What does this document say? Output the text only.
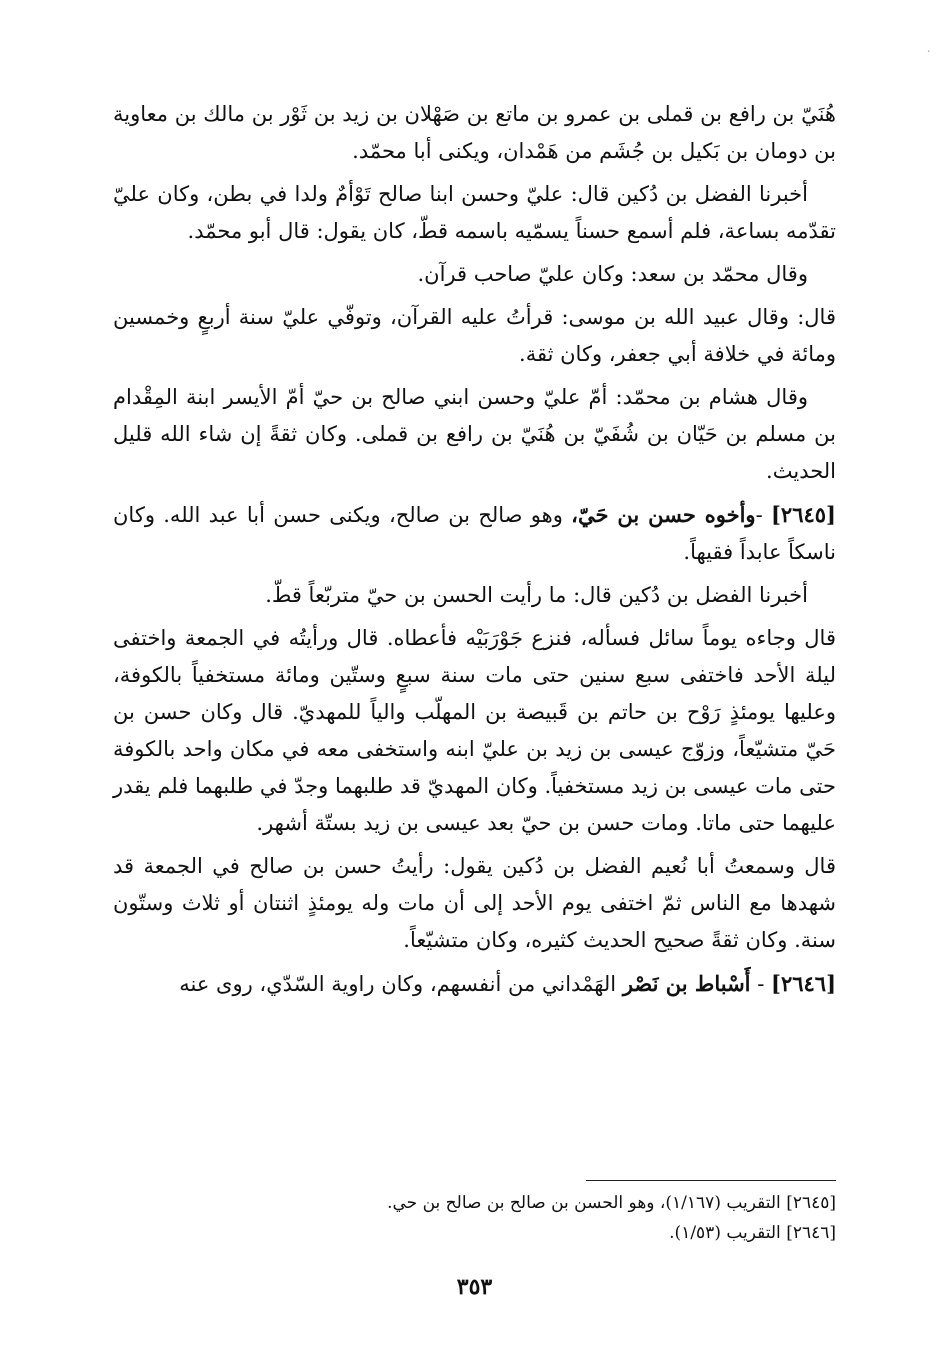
·

هُنَيّ بن رافع بن قملى بن عمرو بن ماتع بن صَهْلان بن زيد بن ثَوْر بن مالك بن معاوية بن دومان بن بَكيل بن جُشَم من هَمْدان، ويكنى أبا محمّد.

أخبرنا الفضل بن دُكين قال: عليّ وحسن ابنا صالح تَوْأمٌ ولدا في بطن، وكان عليّ تقدّمه بساعة، فلم أسمع حسناً يسمّيه باسمه قطّ، كان يقول: قال أبو محمّد.

وقال محمّد بن سعد: وكان عليّ صاحب قرآن.

قال: وقال عبيد الله بن موسى: قرأتُ عليه القرآن، وتوفّي عليّ سنة أربعٍ وخمسين ومائة في خلافة أبي جعفر، وكان ثقة.

وقال هشام بن محمّد: أمّ عليّ وحسن ابني صالح بن حيّ أمّ الأيسر ابنة المِقْدام بن مسلم بن حَيّان بن شُفَيّ بن هُنَيّ بن رافع بن قملى. وكان ثقةً إن شاء الله قليل الحديث.

[٢٦٤٥] -وأخوه حسن بن حَيّ، وهو صالح بن صالح، ويكنى حسن أبا عبد الله. وكان ناسكاً عابداً فقيهاً.

أخبرنا الفضل بن دُكين قال: ما رأيت الحسن بن حيّ متربّعاً قطّ.

قال وجاءه يوماً سائل فسأله، فنزع جَوْرَبَيْه فأعطاه. قال ورأيتُه في الجمعة واختفى ليلة الأحد فاختفى سبع سنين حتى مات سنة سبعٍ وستّين ومائة مستخفياً بالكوفة، وعليها يومئذٍ رَوْح بن حاتم بن قَبيصة بن المهلّب والياً للمهديّ. قال وكان حسن بن حَيّ متشيّعاً، وزوّج عيسى بن زيد بن عليّ ابنه واستخفى معه في مكان واحد بالكوفة حتى مات عيسى بن زيد مستخفياً. وكان المهديّ قد طلبهما وجدّ في طلبهما فلم يقدر عليهما حتى ماتا. ومات حسن بن حيّ بعد عيسى بن زيد بستّة أشهر.

قال وسمعتُ أبا نُعيم الفضل بن دُكين يقول: رأيتُ حسن بن صالح في الجمعة قد شهدها مع الناس ثمّ اختفى يوم الأحد إلى أن مات وله يومئذٍ اثنتان أو ثلاث وستّون سنة. وكان ثقةً صحيح الحديث كثيره، وكان متشيّعاً.

[٢٦٤٦] - أَسْباط بن نَصْر الهَمْداني من أنفسهم، وكان راوية السّدّي، روى عنه

[٢٦٤٥] التقريب (١/١٦٧)، وهو الحسن بن صالح بن صالح بن حي.

[٢٦٤٦] التقريب (١/٥٣).

٣٥٣
